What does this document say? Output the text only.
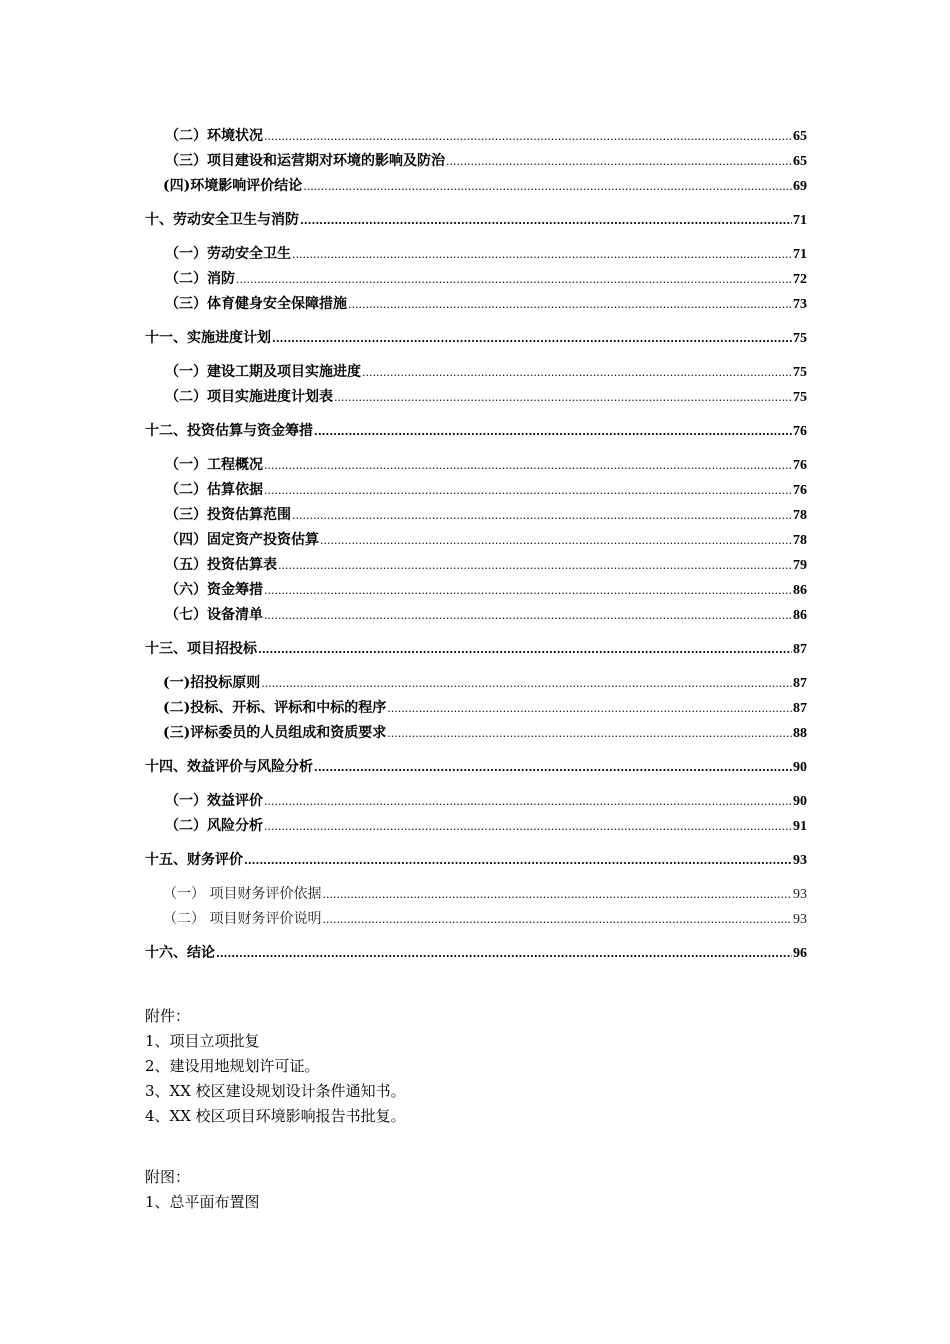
（二）环境状况 .....	65
（三）项目建设和运营期对环境的影响及防治 .....	65
(四)环境影响评价结论 .....	69
十、劳动安全卫生与消防 .....	71
（一）劳动安全卫生 .....	71
（二）消防 .....	72
（三）体育健身安全保障措施 .....	73
十一、实施进度计划 .....	75
（一）建设工期及项目实施进度 .....	75
（二）项目实施进度计划表 .....	75
十二、投资估算与资金筹措 .....	76
（一）工程概况 .....	76
（二）估算依据 .....	76
（三）投资估算范围 .....	78
（四）固定资产投资估算 .....	78
（五）投资估算表 .....	79
（六）资金筹措 .....	86
（七）设备清单 .....	86
十三、项目招投标 .....	87
(一)招投标原则 .....	87
(二)投标、开标、评标和中标的程序 .....	87
(三)评标委员的人员组成和资质要求 .....	88
十四、效益评价与风险分析 .....	90
（一）效益评价 .....	90
（二）风险分析 .....	91
十五、财务评价 .....	93
（一） 项目财务评价依据 .....	93
（二） 项目财务评价说明 .....	93
十六、结论 .....	96
附件：
1、项目立项批复
2、建设用地规划许可证。
3、XX 校区建设规划设计条件通知书。
4、XX 校区项目环境影响报告书批复。
附图：
1、总平面布置图
